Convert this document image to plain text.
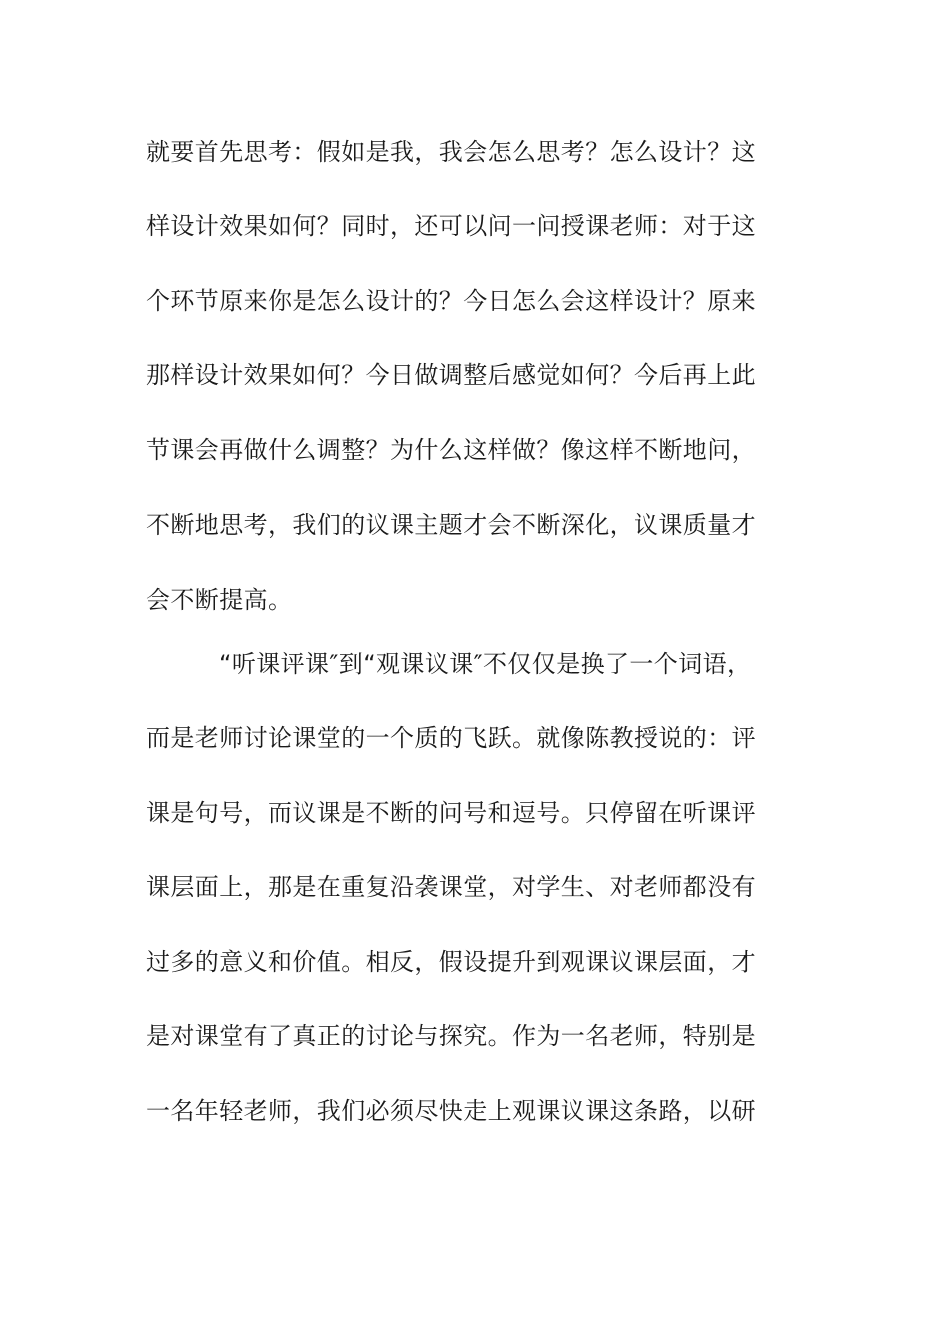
就要首先思考：假如是我，我会怎么思考？怎么设计？这
样设计效果如何？同时，还可以问一问授课老师：对于这
个环节原来你是怎么设计的？今日怎么会这样设计？原来
那样设计效果如何？今日做调整后感觉如何？今后再上此
节课会再做什么调整？为什么这样做？像这样不断地问，
不断地思考，我们的议课主题才会不断深化，议课质量才
会不断提高。
“听课评课″到“观课议课″不仅仅是换了一个词语，
而是老师讨论课堂的一个质的飞跃。就像陈教授说的：评
课是句号，而议课是不断的问号和逗号。只停留在听课评
课层面上，那是在重复沿袭课堂，对学生、对老师都没有
过多的意义和价值。相反，假设提升到观课议课层面，才
是对课堂有了真正的讨论与探究。作为一名老师，特别是
一名年轻老师，我们必须尽快走上观课议课这条路，以研
